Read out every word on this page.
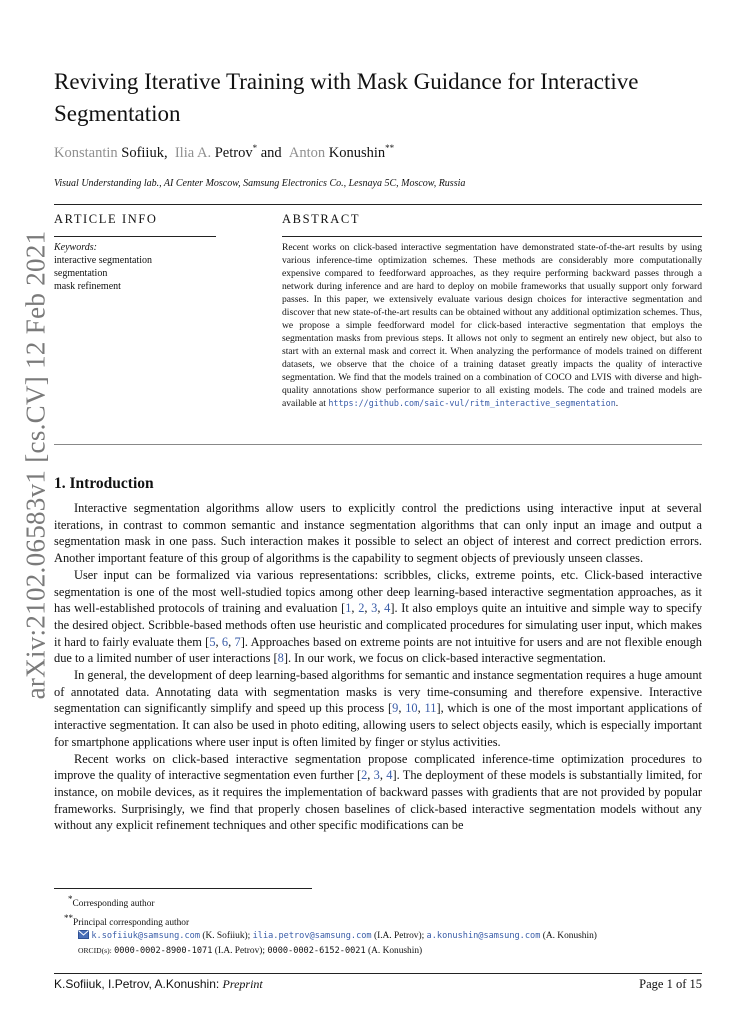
arXiv:2102.06583v1 [cs.CV] 12 Feb 2021
Reviving Iterative Training with Mask Guidance for Interactive Segmentation
Konstantin Sofiiuk, Ilia A. Petrov* and Anton Konushin**
Visual Understanding lab., AI Center Moscow, Samsung Electronics Co., Lesnaya 5C, Moscow, Russia
ARTICLE INFO
Keywords:
interactive segmentation
segmentation
mask refinement
ABSTRACT
Recent works on click-based interactive segmentation have demonstrated state-of-the-art results by using various inference-time optimization schemes. These methods are considerably more computationally expensive compared to feedforward approaches, as they require performing backward passes through a network during inference and are hard to deploy on mobile frameworks that usually support only forward passes. In this paper, we extensively evaluate various design choices for interactive segmentation and discover that new state-of-the-art results can be obtained without any additional optimization schemes. Thus, we propose a simple feedforward model for click-based interactive segmentation that employs the segmentation masks from previous steps. It allows not only to segment an entirely new object, but also to start with an external mask and correct it. When analyzing the performance of models trained on different datasets, we observe that the choice of a training dataset greatly impacts the quality of interactive segmentation. We find that the models trained on a combination of COCO and LVIS with diverse and high-quality annotations show performance superior to all existing models. The code and trained models are available at https://github.com/saic-vul/ritm_interactive_segmentation.
1. Introduction

Interactive segmentation algorithms allow users to explicitly control the predictions using interactive input at several iterations, in contrast to common semantic and instance segmentation algorithms that can only input an image and output a segmentation mask in one pass. Such interaction makes it possible to select an object of interest and correct prediction errors. Another important feature of this group of algorithms is the capability to segment objects of previously unseen classes.

User input can be formalized via various representations: scribbles, clicks, extreme points, etc. Click-based interactive segmentation is one of the most well-studied topics among other deep learning-based interactive segmentation approaches, as it has well-established protocols of training and evaluation [1, 2, 3, 4]. It also employs quite an intuitive and simple way to specify the desired object. Scribble-based methods often use heuristic and complicated procedures for simulating user input, which makes it hard to fairly evaluate them [5, 6, 7]. Approaches based on extreme points are not intuitive for users and are not flexible enough due to a limited number of user interactions [8]. In our work, we focus on click-based interactive segmentation.

In general, the development of deep learning-based algorithms for semantic and instance segmentation requires a huge amount of annotated data. Annotating data with segmentation masks is very time-consuming and therefore expensive. Interactive segmentation can significantly simplify and speed up this process [9, 10, 11], which is one of the most important applications of interactive segmentation. It can also be used in photo editing, allowing users to select objects easily, which is especially important for smartphone applications where user input is often limited by finger or stylus activities.

Recent works on click-based interactive segmentation propose complicated inference-time optimization procedures to improve the quality of interactive segmentation even further [2, 3, 4]. The deployment of these models is substantially limited, for instance, on mobile devices, as it requires the implementation of backward passes with gradients that are not provided by popular frameworks. Surprisingly, we find that properly chosen baselines of click-based interactive segmentation models without any without any explicit refinement techniques and other specific modifications can be

*Corresponding author
**Principal corresponding author
k.sofiiuk@samsung.com (K. Sofiiuk); ilia.petrov@samsung.com (I.A. Petrov); a.konushin@samsung.com (A. Konushin)
ORCID(s): 0000-0002-8900-1071 (I.A. Petrov); 0000-0002-6152-0021 (A. Konushin)
K.Sofiiuk, I.Petrov, A.Konushin: Preprint	Page 1 of 15
